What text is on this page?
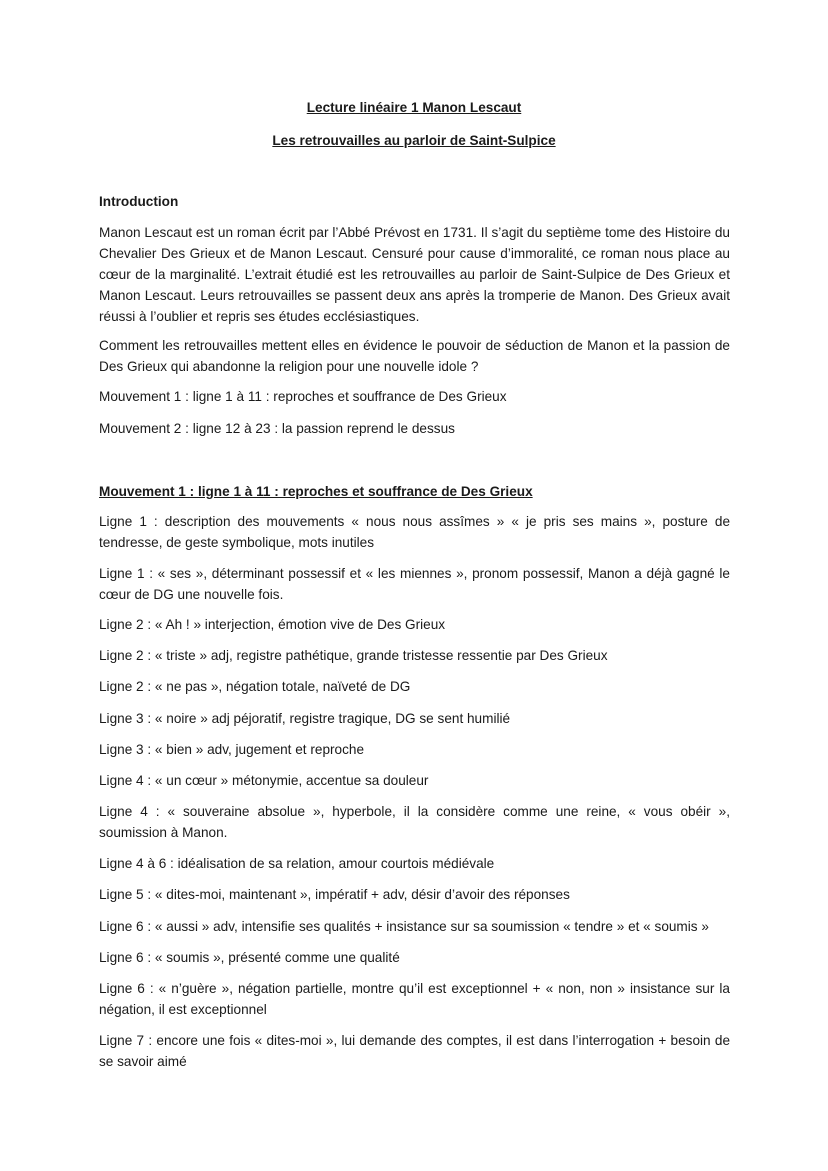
Lecture linéaire 1 Manon Lescaut
Les retrouvailles au parloir de Saint-Sulpice
Introduction
Manon Lescaut est un roman écrit par l’Abbé Prévost en 1731. Il s’agit du septième tome des Histoire du Chevalier Des Grieux et de Manon Lescaut. Censuré pour cause d’immoralité, ce roman nous place au cœur de la marginalité. L’extrait étudié est les retrouvailles au parloir de Saint-Sulpice de Des Grieux et Manon Lescaut. Leurs retrouvailles se passent deux ans après la tromperie de Manon. Des Grieux avait réussi à l’oublier et repris ses études ecclésiastiques.
Comment les retrouvailles mettent elles en évidence le pouvoir de séduction de Manon et la passion de Des Grieux qui abandonne la religion pour une nouvelle idole ?
Mouvement 1 : ligne 1 à 11 : reproches et souffrance de Des Grieux
Mouvement 2 : ligne 12 à 23 : la passion reprend le dessus
Mouvement 1 : ligne 1 à 11 : reproches et souffrance de Des Grieux
Ligne 1 : description des mouvements « nous nous assîmes » « je pris ses mains », posture de tendresse, de geste symbolique, mots inutiles
Ligne 1 : « ses », déterminant possessif et « les miennes », pronom possessif, Manon a déjà gagné le cœur de DG une nouvelle fois.
Ligne 2 : « Ah ! » interjection, émotion vive de Des Grieux
Ligne 2 : « triste » adj, registre pathétique, grande tristesse ressentie par Des Grieux
Ligne 2 : « ne pas », négation totale, naïveté de DG
Ligne 3 : « noire » adj péjoratif, registre tragique, DG se sent humilié
Ligne 3 : « bien » adv, jugement et reproche
Ligne 4 : « un cœur » métonymie, accentue sa douleur
Ligne 4 : « souveraine absolue », hyperbole, il la considère comme une reine, « vous obéir », soumission à Manon.
Ligne 4 à 6 : idéalisation de sa relation, amour courtois médiévale
Ligne 5 : « dites-moi, maintenant », impératif + adv, désir d’avoir des réponses
Ligne 6 : « aussi » adv, intensifie ses qualités + insistance sur sa soumission « tendre » et « soumis »
Ligne 6 : « soumis », présenté comme une qualité
Ligne 6 : « n’guère », négation partielle, montre qu’il est exceptionnel + « non, non » insistance sur la négation, il est exceptionnel
Ligne 7 : encore une fois « dites-moi », lui demande des comptes, il est dans l’interrogation + besoin de se savoir aimé
